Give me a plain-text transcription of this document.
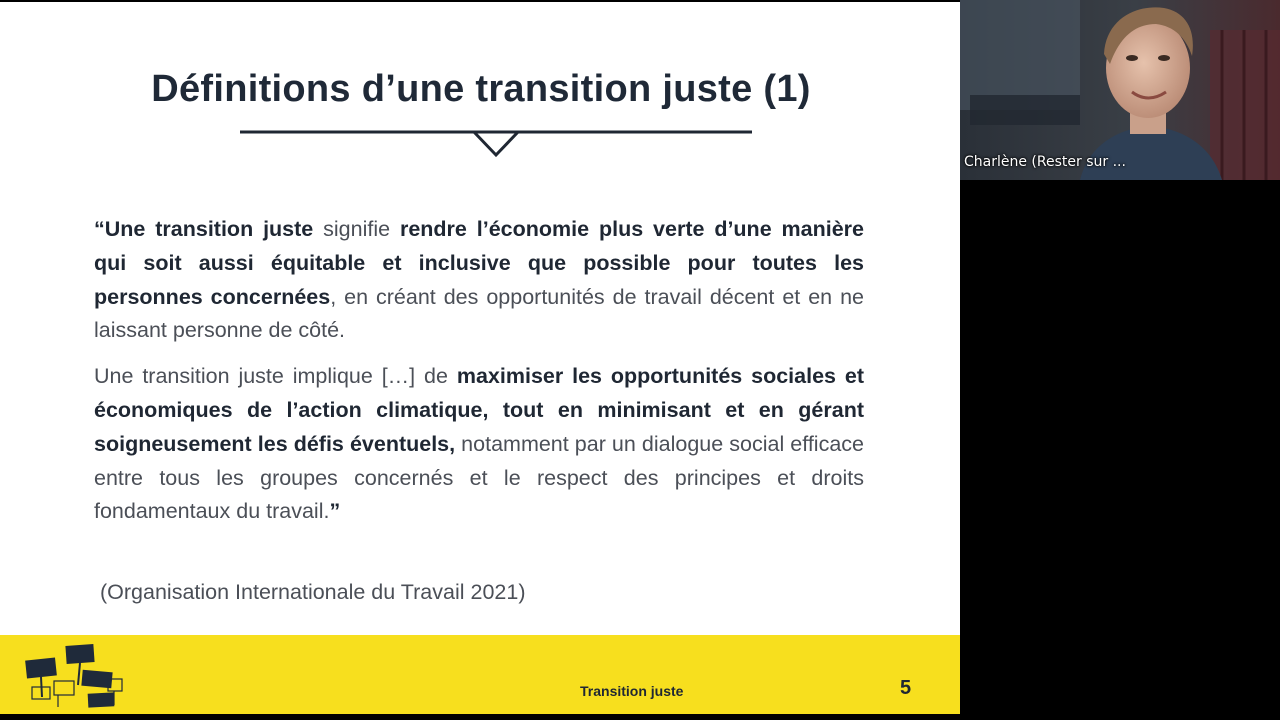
Définitions d’une transition juste (1)

“Une transition juste signifie rendre l’économie plus verte d’une manière qui soit aussi équitable et inclusive que possible pour toutes les personnes concernées, en créant des opportunités de travail décent et en ne laissant personne de côté.

Une transition juste implique […] de maximiser les opportunités sociales et économiques de l’action climatique, tout en minimisant et en gérant soigneusement les défis éventuels, notamment par un dialogue social efficace entre tous les groupes concernés et le respect des principes et droits fondamentaux du travail.”

(Organisation Internationale du Travail 2021)

Transition juste	5
Charlène (Rester sur ...
